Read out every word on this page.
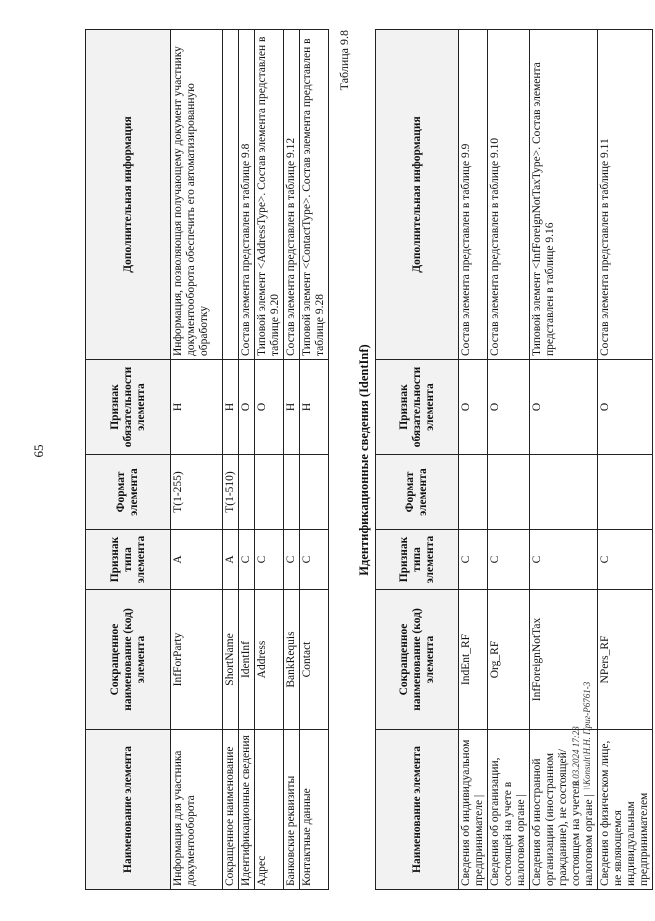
65
Наименование элемента	Сокращенное наименование (код) элемента	Признак типа элемента	Формат элемента	Признак обязательности элемента	Дополнительная информация
Информация для участника документооборота	InfForParty	А	T(1-255)	Н	Информация, позволяющая получающему документ участнику документооборота обеспечить его автоматизированную обработку
Сокращенное наименование	ShortName	А	T(1-510)	Н	
Идентификационные сведения	IdentInf	С		О	Состав элемента представлен в таблице 9.8
Адрес	Address	С		О	Типовой элемент <AddressType>. Состав элемента представлен в таблице 9.20
Банковские реквизиты	BankRequis	С		Н	Состав элемента представлен в таблице 9.12
Контактные данные	Contact	С		Н	Типовой элемент <ContactType>. Состав элемента представлен в таблице 9.28
Таблица 9.8
Идентификационные сведения (IdentInf)
Наименование элемента	Сокращенное наименование (код) элемента	Признак типа элемента	Формат элемента	Признак обязательности элемента	Дополнительная информация
Сведения об индивидуальном предпринимателе |	IndEnt_RF	С		О	Состав элемента представлен в таблице 9.9
Сведения об организации, состоящей на учете в налоговом органе |	Org_RF	С		О	Состав элемента представлен в таблице 9.10
Сведения об иностранной организации (иностранном гражданине), не состоящей/состоящем на учете в налоговом органе |	InfForeignNotTax	С		О	Типовой элемент <InfForeignNotTaxType>. Состав элемента представлен в таблице 9.16
Сведения о физическом лице, не являющемся индивидуальным предпринимателем	NPers_RF	С		О	Состав элемента представлен в таблице 9.11
13.03.2024 17:23 \\Konsult\Н.Н. Приг-Р6761-3
